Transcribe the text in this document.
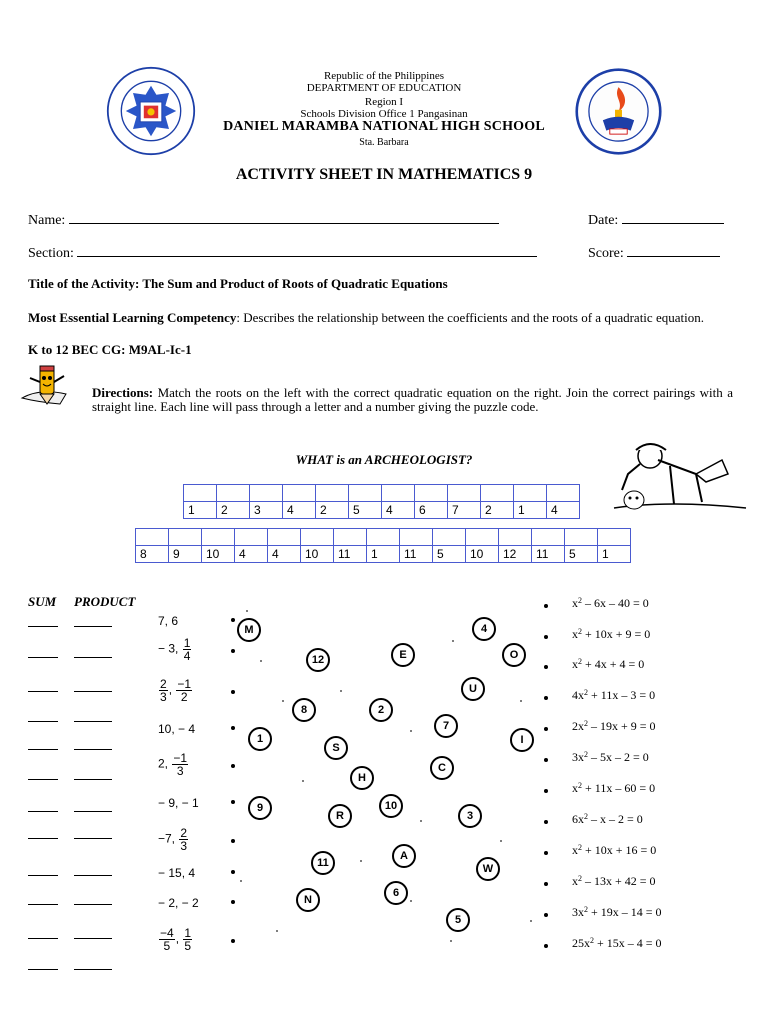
Republic of the Philippines
DEPARTMENT OF EDUCATION
Region I
Schools Division Office 1 Pangasinan
DANIEL MARAMBA NATIONAL HIGH SCHOOL
Sta. Barbara
ACTIVITY SHEET IN MATHEMATICS 9
Name:	Date:
Section:	Score:
Title of the Activity: The Sum and Product of Roots of Quadratic Equations
Most Essential Learning Competency: Describes the relationship between the coefficients and the roots of a quadratic equation.
K to 12 BEC CG: M9AL-Ic-1
Directions: Match the roots on the left with the correct quadratic equation on the right. Join the correct pairings with a straight line. Each line will pass through a letter and a number giving the puzzle code.
WHAT is an ARCHEOLOGIST?

1	2	3	4	2	5	4	6	7	2	1	4

8	9	10	4	4	10	11	1	11	5	10	12	11	5	1
SUM PRODUCT
7, 6
− 3, $\frac{1}{4}$
$\frac{2}{3}$ , $\frac{-1}{2}$
10, − 4
2, $\frac{-1}{3}$
− 9, − 1
−7, $\frac{2}{3}$
− 15, 4
− 2, − 2
$\frac{-4}{5}$ , $\frac{1}{5}$
$x^2 - 6x - 40 = 0$
$x^2 + 10x + 9 = 0$
$x^2 + 4x + 4 = 0$
$4x^2 + 11x - 3 = 0$
$2x^2 - 19x + 9 = 0$
$3x^2 - 5x - 2 = 0$
$x^2 + 11x - 60 = 0$
$6x^2 - x - 2 = 0$
$x^2 + 10x + 16 = 0$
$x^2 - 13x + 42 = 0$
$3x^2 + 19x - 14 = 0$
$25x^2 + 15x - 4 = 0$
M	4
12	E	O
U
8	2
7
1
S
I
C
H
9	10
R	3
A
11	W
6
N
5
